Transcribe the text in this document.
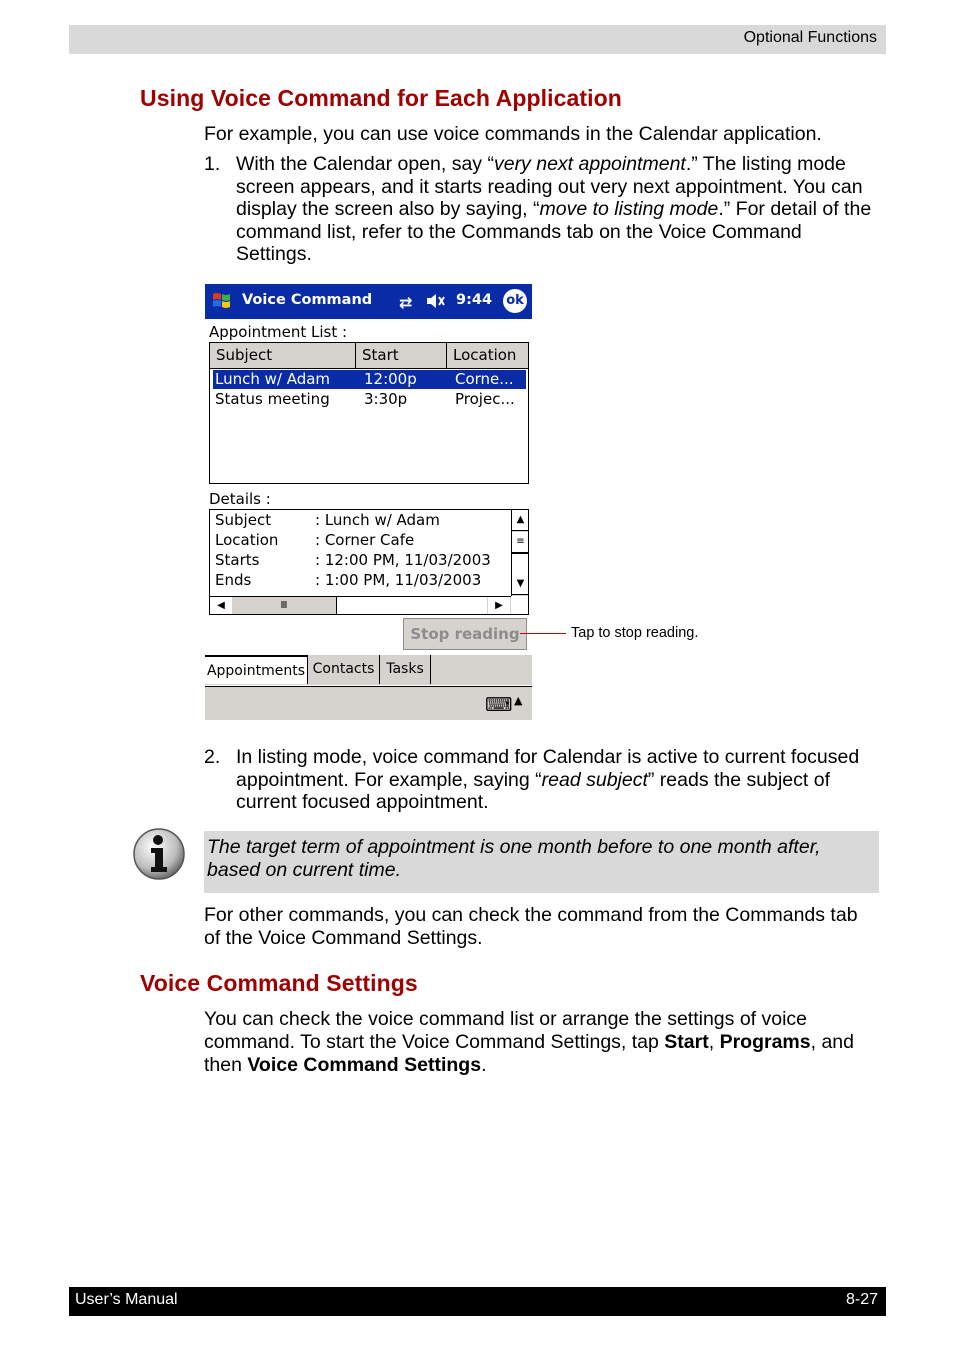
Optional Functions
Using Voice Command for Each Application
For example, you can use voice commands in the Calendar application.
1. With the Calendar open, say “very next appointment.” The listing mode screen appears, and it starts reading out very next appointment. You can display the screen also by saying, “move to listing mode.” For detail of the command list, refer to the Commands tab on the Voice Command Settings.
Voice Command ⇄	9:44 ok
Appointment List :
Subject	Start	Location
Lunch w/ Adam 12:00p	Corne...
Status meeting 3:30p	Projec...
Details :
Subject	: Lunch w/ Adam
Location : Corner Cafe
Starts	: 12:00 PM, 11/03/2003
Ends	: 1:00 PM, 11/03/2003
▲
≡
▼
◀	Ⅲ	▶
Stop reading
Appointments Contacts Tasks
⌨ ▲
Tap to stop reading.
2. In listing mode, voice command for Calendar is active to current focused appointment. For example, saying “read subject” reads the subject of current focused appointment.
The target term of appointment is one month before to one month after, based on current time.
For other commands, you can check the command from the Commands tab of the Voice Command Settings.
Voice Command Settings
You can check the voice command list or arrange the settings of voice command. To start the Voice Command Settings, tap Start, Programs, and then Voice Command Settings.
User’s Manual	8-27
